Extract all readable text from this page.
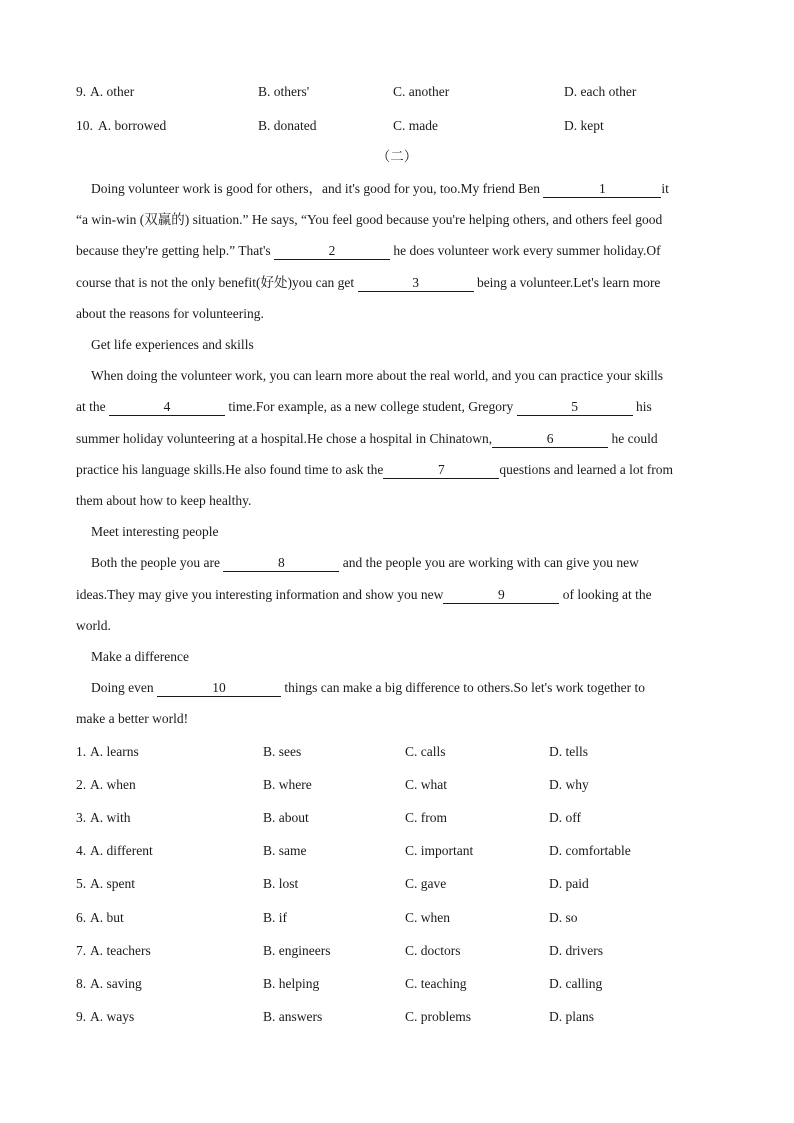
9. A. other	B. others'	C. another	D. each other
10. A. borrowed	B. donated	C. made	D. kept
（二）
Doing volunteer work is good for others，and it's good for you, too.My friend Ben	1	it
“a win-win (双赢的) situation.” He says, “You feel good because you're helping others, and others feel good
because they're getting help.” That's	2	he does volunteer work every summer holiday.Of
course that is not the only benefit(好处)you can get	3	being a volunteer.Let's learn more
about the reasons for volunteering.
Get life experiences and skills
When doing the volunteer work, you can learn more about the real world, and you can practice your skills
at the	4	time.For example, as a new college student, Gregory	5	his
summer holiday volunteering at a hospital.He chose a hospital in Chinatown,	6	he could
practice his language skills.He also found time to ask the	7	questions and learned a lot from
them about how to keep healthy.
Meet interesting people
Both the people you are	8	and the people you are working with can give you new
ideas.They may give you interesting information and show you new	9	of looking at the
world.
Make a difference
Doing even	10	things can make a big difference to others.So let's work together to
make a better world!
1. A. learns	B. sees	C. calls	D. tells
2. A. when	B. where	C. what	D. why
3. A. with	B. about	C. from	D. off
4. A. different	B. same	C. important	D. comfortable
5. A. spent	B. lost	C. gave	D. paid
6. A. but	B. if	C. when	D. so
7. A. teachers	B. engineers	C. doctors	D. drivers
8. A. saving	B. helping	C. teaching	D. calling
9. A. ways	B. answers	C. problems	D. plans
